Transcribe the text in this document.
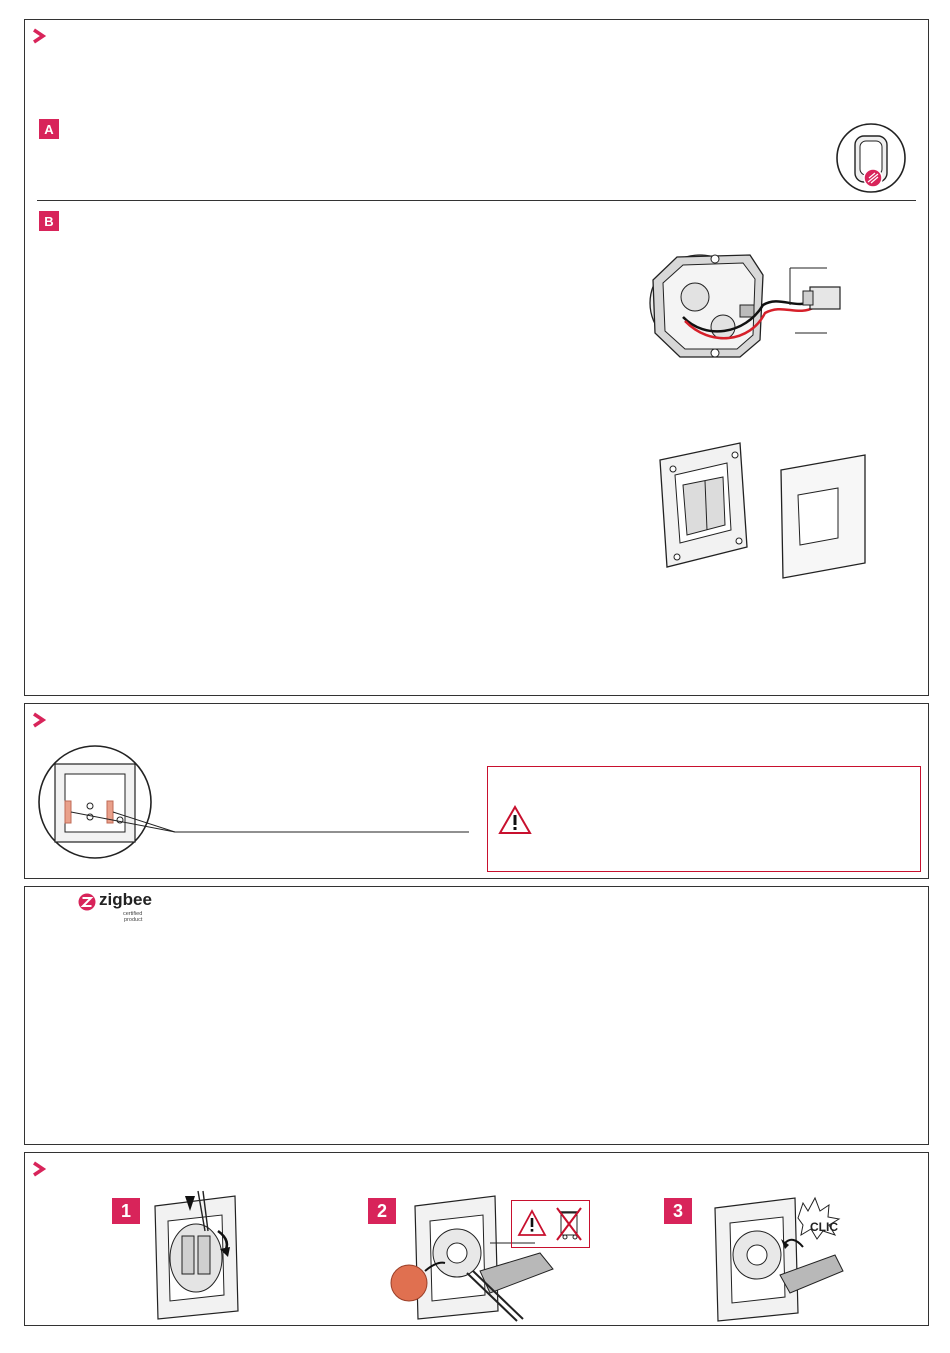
A
B
zigbee
certified
product
1	2	3
CLIC
